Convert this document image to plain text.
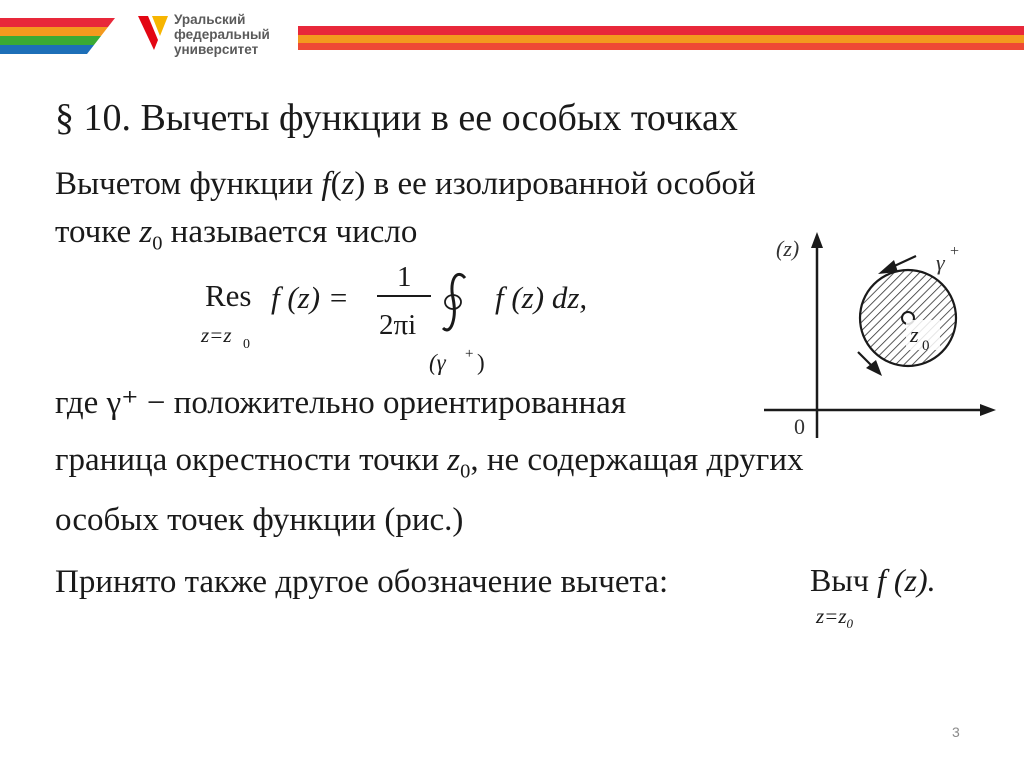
Уральский
федеральный
университет
§ 10. Вычеты функции в ее особых точках

Вычетом функции f(z) в ее изолированной особой
точке $z_0$ называется число

Res
z=z 0
f (z) =
1
2πi
f (z) dz,
(γ + )
(z)
0
z 0
γ +

где γ⁺ − положительно ориентированная

граница окрестности точки $z_0$, не содержащая других
особых точек функции (рис.)

Принято также другое обозначение вычета:	Выч f (z).
$z=z_0$
3
